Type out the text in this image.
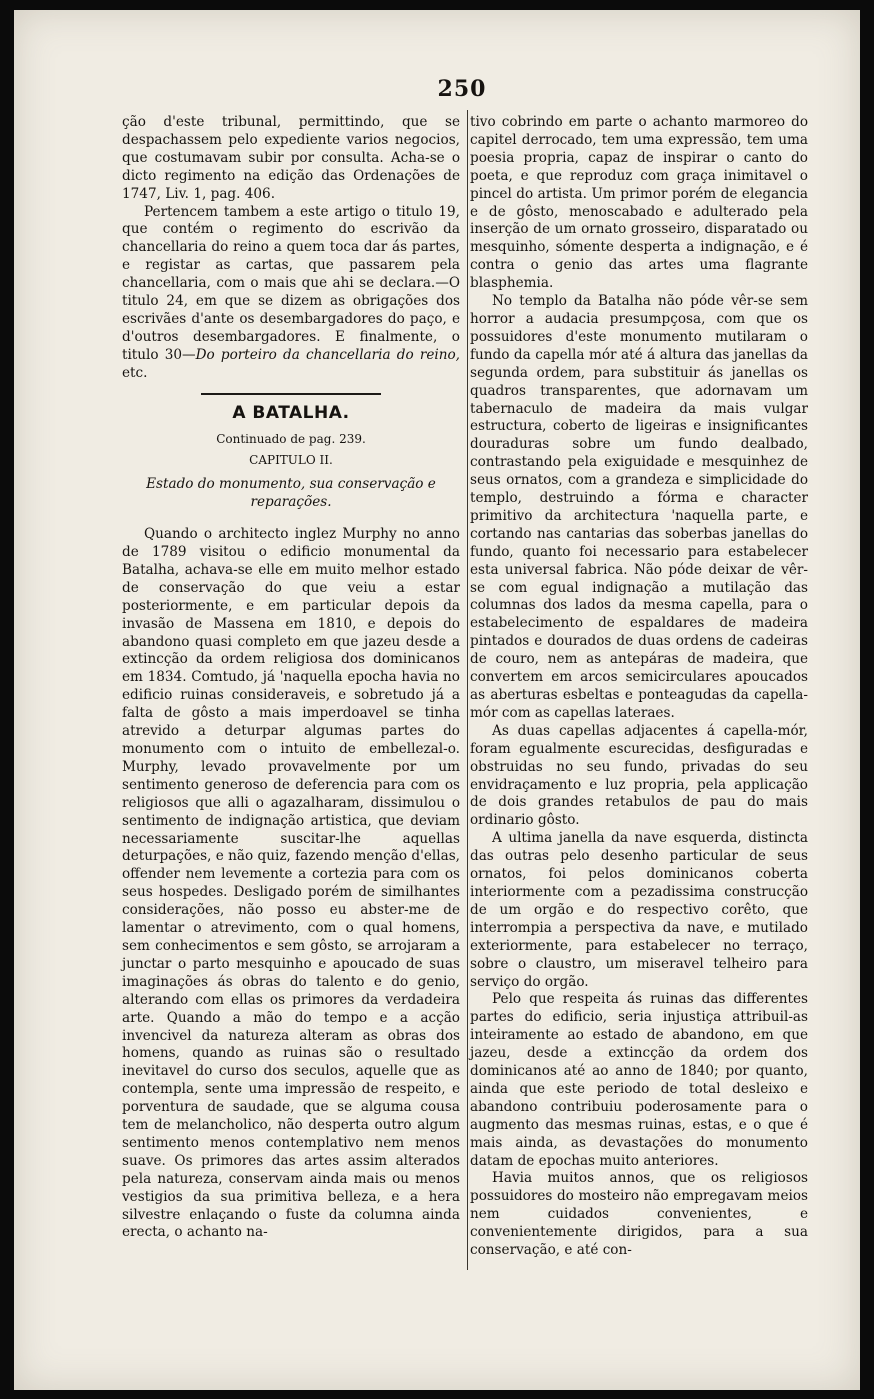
250

ção d'este tribunal, permittindo, que se despachassem pelo expediente varios negocios, que costumavam subir por consulta. Acha-se o dicto regimento na edição das Ordenações de 1747, Liv. 1, pag. 406.

Pertencem tambem a este artigo o titulo 19, que contém o regimento do escrivão da chancellaria do reino a quem toca dar ás partes, e registar as cartas, que passarem pela chancellaria, com o mais que ahi se declara.—O titulo 24, em que se dizem as obrigações dos escrivães d'ante os desembargadores do paço, e d'outros desembargadores. E finalmente, o titulo 30—Do porteiro da chancellaria do reino, etc.

A BATALHA.
Continuado de pag. 239.
CAPITULO II.
Estado do monumento, sua conservação e reparações.

Quando o architecto inglez Murphy no anno de 1789 visitou o edificio monumental da Batalha, achava-se elle em muito melhor estado de conservação do que veiu a estar posteriormente, e em particular depois da invasão de Massena em 1810, e depois do abandono quasi completo em que jazeu desde a extincção da ordem religiosa dos dominicanos em 1834. Comtudo, já 'naquella epocha havia no edificio ruinas consideraveis, e sobretudo já a falta de gôsto a mais imperdoavel se tinha atrevido a deturpar algumas partes do monumento com o intuito de embellezal-o. Murphy, levado provavelmente por um sentimento generoso de deferencia para com os religiosos que alli o agazalharam, dissimulou o sentimento de indignação artistica, que deviam necessariamente suscitar-lhe aquellas deturpações, e não quiz, fazendo menção d'ellas, offender nem levemente a cortezia para com os seus hospedes. Desligado porém de similhantes considerações, não posso eu abster-me de lamentar o atrevimento, com o qual homens, sem conhecimentos e sem gôsto, se arrojaram a junctar o parto mesquinho e apoucado de suas imaginações ás obras do talento e do genio, alterando com ellas os primores da verdadeira arte. Quando a mão do tempo e a acção invencivel da natureza alteram as obras dos homens, quando as ruinas são o resultado inevitavel do curso dos seculos, aquelle que as contempla, sente uma impressão de respeito, e porventura de saudade, que se alguma cousa tem de melancholico, não desperta outro algum sentimento menos contemplativo nem menos suave. Os primores das artes assim alterados pela natureza, conservam ainda mais ou menos vestigios da sua primitiva belleza, e a hera silvestre enlaçando o fuste da columna ainda erecta, o achanto na-

tivo cobrindo em parte o achanto marmoreo do capitel derrocado, tem uma expressão, tem uma poesia propria, capaz de inspirar o canto do poeta, e que reproduz com graça inimitavel o pincel do artista. Um primor porém de elegancia e de gôsto, menoscabado e adulterado pela inserção de um ornato grosseiro, disparatado ou mesquinho, sómente desperta a indignação, e é contra o genio das artes uma flagrante blasphemia.

No templo da Batalha não póde vêr-se sem horror a audacia presumpçosa, com que os possuidores d'este monumento mutilaram o fundo da capella mór até á altura das janellas da segunda ordem, para substituir ás janellas os quadros transparentes, que adornavam um tabernaculo de madeira da mais vulgar estructura, coberto de ligeiras e insignificantes douraduras sobre um fundo dealbado, contrastando pela exiguidade e mesquinhez de seus ornatos, com a grandeza e simplicidade do templo, destruindo a fórma e character primitivo da architectura 'naquella parte, e cortando nas cantarias das soberbas janellas do fundo, quanto foi necessario para estabelecer esta universal fabrica. Não póde deixar de vêr-se com egual indignação a mutilação das columnas dos lados da mesma capella, para o estabelecimento de espaldares de madeira pintados e dourados de duas ordens de cadeiras de couro, nem as antepáras de madeira, que convertem em arcos semicirculares apoucados as aberturas esbeltas e ponteagudas da capella-mór com as capellas lateraes.

As duas capellas adjacentes á capella-mór, foram egualmente escurecidas, desfiguradas e obstruidas no seu fundo, privadas do seu envidraçamento e luz propria, pela applicação de dois grandes retabulos de pau do mais ordinario gôsto.

A ultima janella da nave esquerda, distincta das outras pelo desenho particular de seus ornatos, foi pelos dominicanos coberta interiormente com a pezadissima construcção de um orgão e do respectivo corêto, que interrompia a perspectiva da nave, e mutilado exteriormente, para estabelecer no terraço, sobre o claustro, um miseravel telheiro para serviço do orgão.

Pelo que respeita ás ruinas das differentes partes do edificio, seria injustiça attribuil-as inteiramente ao estado de abandono, em que jazeu, desde a extincção da ordem dos dominicanos até ao anno de 1840; por quanto, ainda que este periodo de total desleixo e abandono contribuiu poderosamente para o augmento das mesmas ruinas, estas, e o que é mais ainda, as devastações do monumento datam de epochas muito anteriores.

Havia muitos annos, que os religiosos possuidores do mosteiro não empregavam meios nem cuidados convenientes, e convenientemente dirigidos, para a sua conservação, e até con-
